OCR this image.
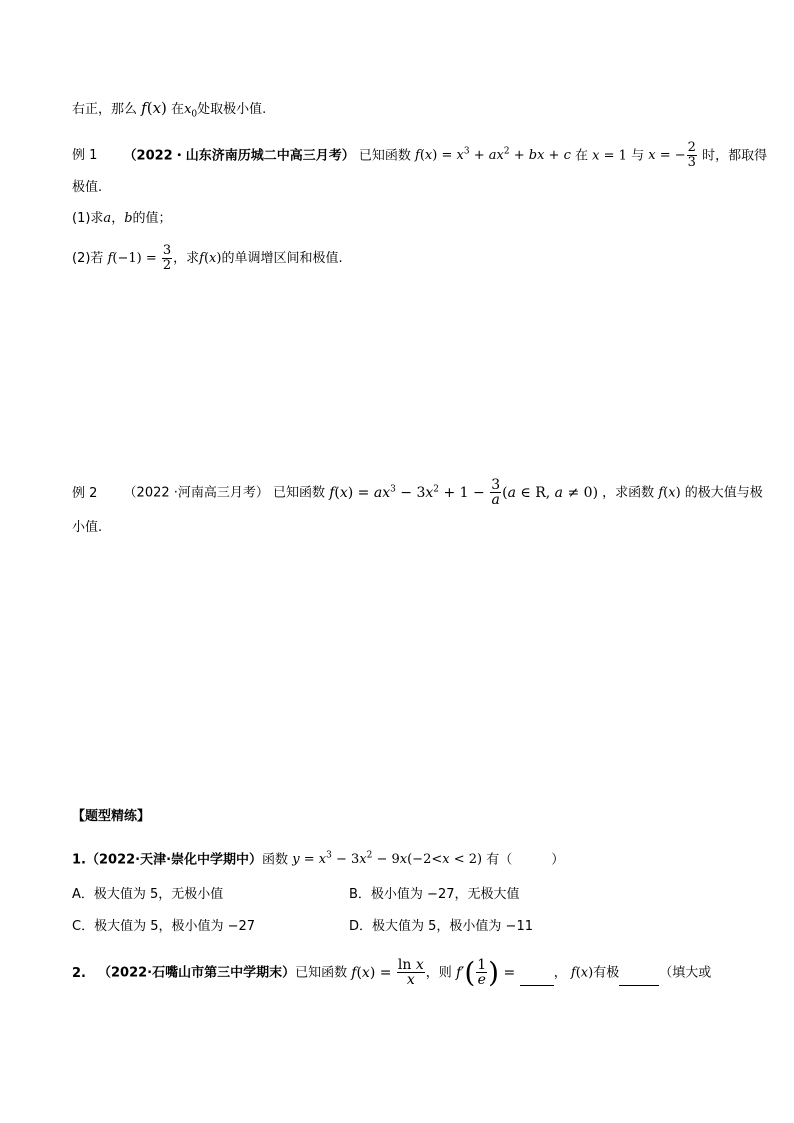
右正，那么 f(x) 在$x_0$处取极小值.
例 1 （2022・山东济南历城二中高三月考） 已知函数 $f(x) = x^3 + ax^2$ + bx + c 在 x = 1 与 x = − $\frac{2}{3}$ 时，都取得
极值.
(1)求a，b的值；
(2)若 $f(-1) = \frac{3}{2}$ ，求f(x)的单调增区间和极值.
例 2 （2022 ·河南高三月考） 已知函数 $f(x) = ax^3 - 3x^2 + 1 - \frac{3}{a} (a$ ∈ R, a ≠ 0) ，求函数 f(x) 的极大值与极
小值.
【题型精练】
1.（2022·天津·崇化中学期中）函数 $y = x^3 - 3x^2 - 9x(-2<x < 2)$ 有（　　　）
A．极大值为 5，无极小值	B．极小值为 −27，无极大值
C．极大值为 5，极小值为 −27	D．极大值为 5，极小值为 −11
2. （2022·石嘴山市第三中学期末）已知函数 $f(x) = \frac{\text{ln x}}{x}$ ，则 $f'( \frac{1}{e}$ ) =	， f(x)有极	（填大或
